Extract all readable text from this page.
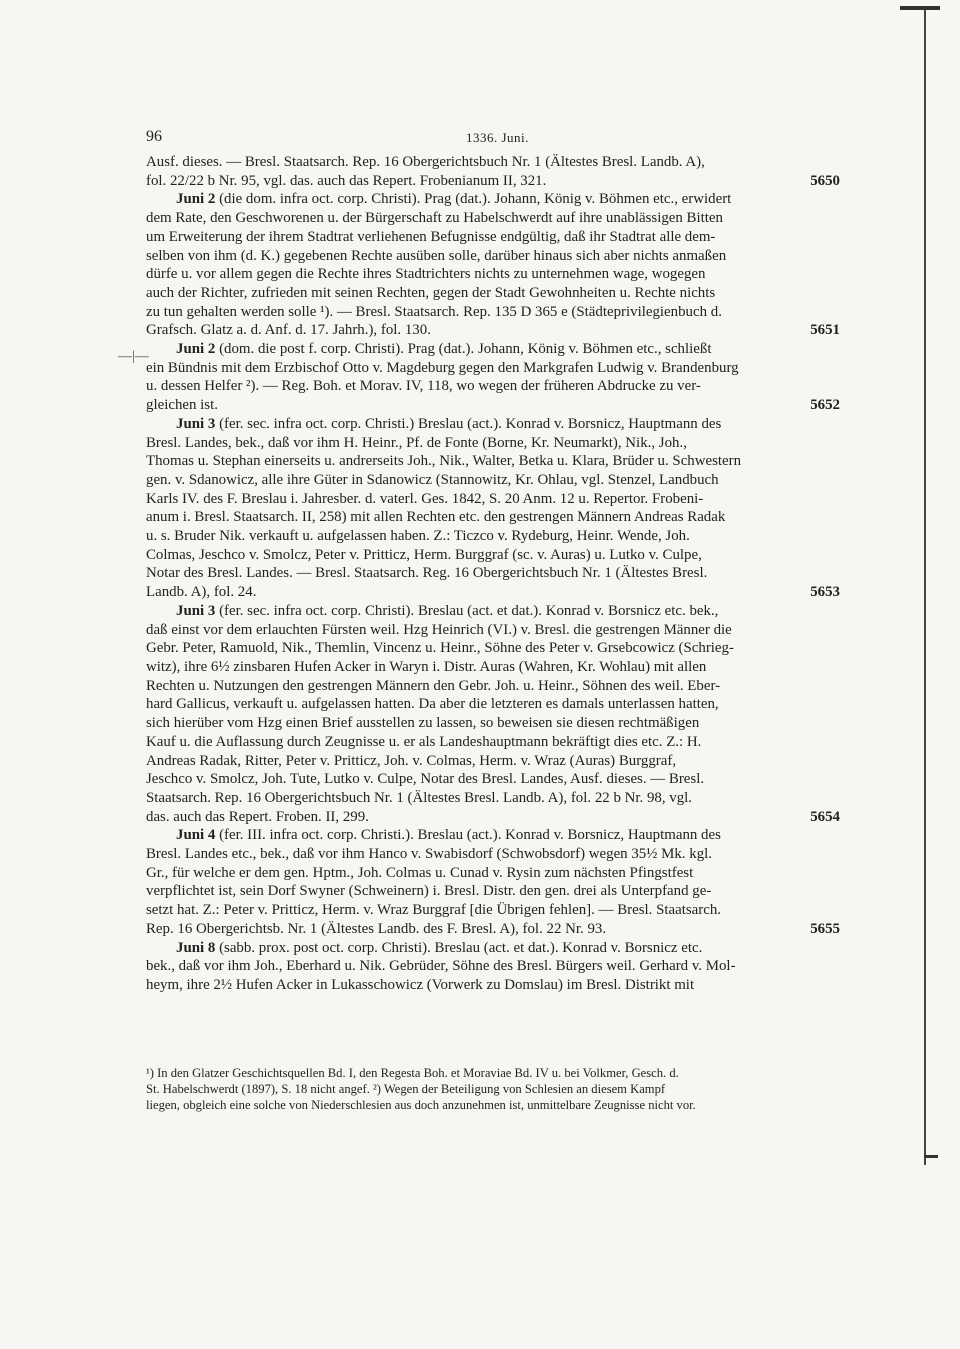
96	1336. Juni.
—|—

Ausf. dieses. — Bresl. Staatsarch. Rep. 16 Obergerichtsbuch Nr. 1 (Ältestes Bresl. Landb. A),

5650
fol. 22/22 b Nr. 95, vgl. das. auch das Repert. Frobenianum II, 321.

Juni 2 (die dom. infra oct. corp. Christi). Prag (dat.). Johann, König v. Böhmen etc., erwidert

dem Rate, den Geschworenen u. der Bürgerschaft zu Habelschwerdt auf ihre unablässigen Bitten

um Erweiterung der ihrem Stadtrat verliehenen Befugnisse endgültig, daß ihr Stadtrat alle dem-

selben von ihm (d. K.) gegebenen Rechte ausüben solle, darüber hinaus sich aber nichts anmaßen

dürfe u. vor allem gegen die Rechte ihres Stadtrichters nichts zu unternehmen wage, wogegen

auch der Richter, zufrieden mit seinen Rechten, gegen der Stadt Gewohnheiten u. Rechte nichts

zu tun gehalten werden solle ¹). — Bresl. Staatsarch. Rep. 135 D 365 e (Städteprivilegienbuch d.

5651
Grafsch. Glatz a. d. Anf. d. 17. Jahrh.), fol. 130.

Juni 2 (dom. die post f. corp. Christi). Prag (dat.). Johann, König v. Böhmen etc., schließt

ein Bündnis mit dem Erzbischof Otto v. Magdeburg gegen den Markgrafen Ludwig v. Brandenburg

u. dessen Helfer ²). — Reg. Boh. et Morav. IV, 118, wo wegen der früheren Abdrucke zu ver-

5652
gleichen ist.

Juni 3 (fer. sec. infra oct. corp. Christi.) Breslau (act.). Konrad v. Borsnicz, Hauptmann des

Bresl. Landes, bek., daß vor ihm H. Heinr., Pf. de Fonte (Borne, Kr. Neumarkt), Nik., Joh.,

Thomas u. Stephan einerseits u. andrerseits Joh., Nik., Walter, Betka u. Klara, Brüder u. Schwestern

gen. v. Sdanowicz, alle ihre Güter in Sdanowicz (Stannowitz, Kr. Ohlau, vgl. Stenzel, Landbuch

Karls IV. des F. Breslau i. Jahresber. d. vaterl. Ges. 1842, S. 20 Anm. 12 u. Repertor. Frobeni-

anum i. Bresl. Staatsarch. II, 258) mit allen Rechten etc. den gestrengen Männern Andreas Radak

u. s. Bruder Nik. verkauft u. aufgelassen haben. Z.: Ticzco v. Rydeburg, Heinr. Wende, Joh.

Colmas, Jeschco v. Smolcz, Peter v. Pritticz, Herm. Burggraf (sc. v. Auras) u. Lutko v. Culpe,

Notar des Bresl. Landes. — Bresl. Staatsarch. Reg. 16 Obergerichtsbuch Nr. 1 (Ältestes Bresl.

5653
Landb. A), fol. 24.

Juni 3 (fer. sec. infra oct. corp. Christi). Breslau (act. et dat.). Konrad v. Borsnicz etc. bek.,

daß einst vor dem erlauchten Fürsten weil. Hzg Heinrich (VI.) v. Bresl. die gestrengen Männer die

Gebr. Peter, Ramuold, Nik., Themlin, Vincenz u. Heinr., Söhne des Peter v. Grsebcowicz (Schrieg-

witz), ihre 6½ zinsbaren Hufen Acker in Waryn i. Distr. Auras (Wahren, Kr. Wohlau) mit allen

Rechten u. Nutzungen den gestrengen Männern den Gebr. Joh. u. Heinr., Söhnen des weil. Eber-

hard Gallicus, verkauft u. aufgelassen hatten. Da aber die letzteren es damals unterlassen hatten,

sich hierüber vom Hzg einen Brief ausstellen zu lassen, so beweisen sie diesen rechtmäßigen

Kauf u. die Auflassung durch Zeugnisse u. er als Landeshauptmann bekräftigt dies etc. Z.: H.

Andreas Radak, Ritter, Peter v. Pritticz, Joh. v. Colmas, Herm. v. Wraz (Auras) Burggraf,

Jeschco v. Smolcz, Joh. Tute, Lutko v. Culpe, Notar des Bresl. Landes, Ausf. dieses. — Bresl.

Staatsarch. Rep. 16 Obergerichtsbuch Nr. 1 (Ältestes Bresl. Landb. A), fol. 22 b Nr. 98, vgl.

5654
das. auch das Repert. Froben. II, 299.

Juni 4 (fer. III. infra oct. corp. Christi.). Breslau (act.). Konrad v. Borsnicz, Hauptmann des

Bresl. Landes etc., bek., daß vor ihm Hanco v. Swabisdorf (Schwobsdorf) wegen 35½ Mk. kgl.

Gr., für welche er dem gen. Hptm., Joh. Colmas u. Cunad v. Rysin zum nächsten Pfingstfest

verpflichtet ist, sein Dorf Swyner (Schweinern) i. Bresl. Distr. den gen. drei als Unterpfand ge-

setzt hat. Z.: Peter v. Pritticz, Herm. v. Wraz Burggraf [die Übrigen fehlen]. — Bresl. Staatsarch.

5655
Rep. 16 Obergerichtsb. Nr. 1 (Ältestes Landb. des F. Bresl. A), fol. 22 Nr. 93.

Juni 8 (sabb. prox. post oct. corp. Christi). Breslau (act. et dat.). Konrad v. Borsnicz etc.

bek., daß vor ihm Joh., Eberhard u. Nik. Gebrüder, Söhne des Bresl. Bürgers weil. Gerhard v. Mol-

heym, ihre 2½ Hufen Acker in Lukasschowicz (Vorwerk zu Domslau) im Bresl. Distrikt mit

¹) In den Glatzer Geschichtsquellen Bd. I, den Regesta Boh. et Moraviae Bd. IV u. bei Volkmer, Gesch. d.

St. Habelschwerdt (1897), S. 18 nicht angef. ²) Wegen der Beteiligung von Schlesien an diesem Kampf

liegen, obgleich eine solche von Niederschlesien aus doch anzunehmen ist, unmittelbare Zeugnisse nicht vor.
